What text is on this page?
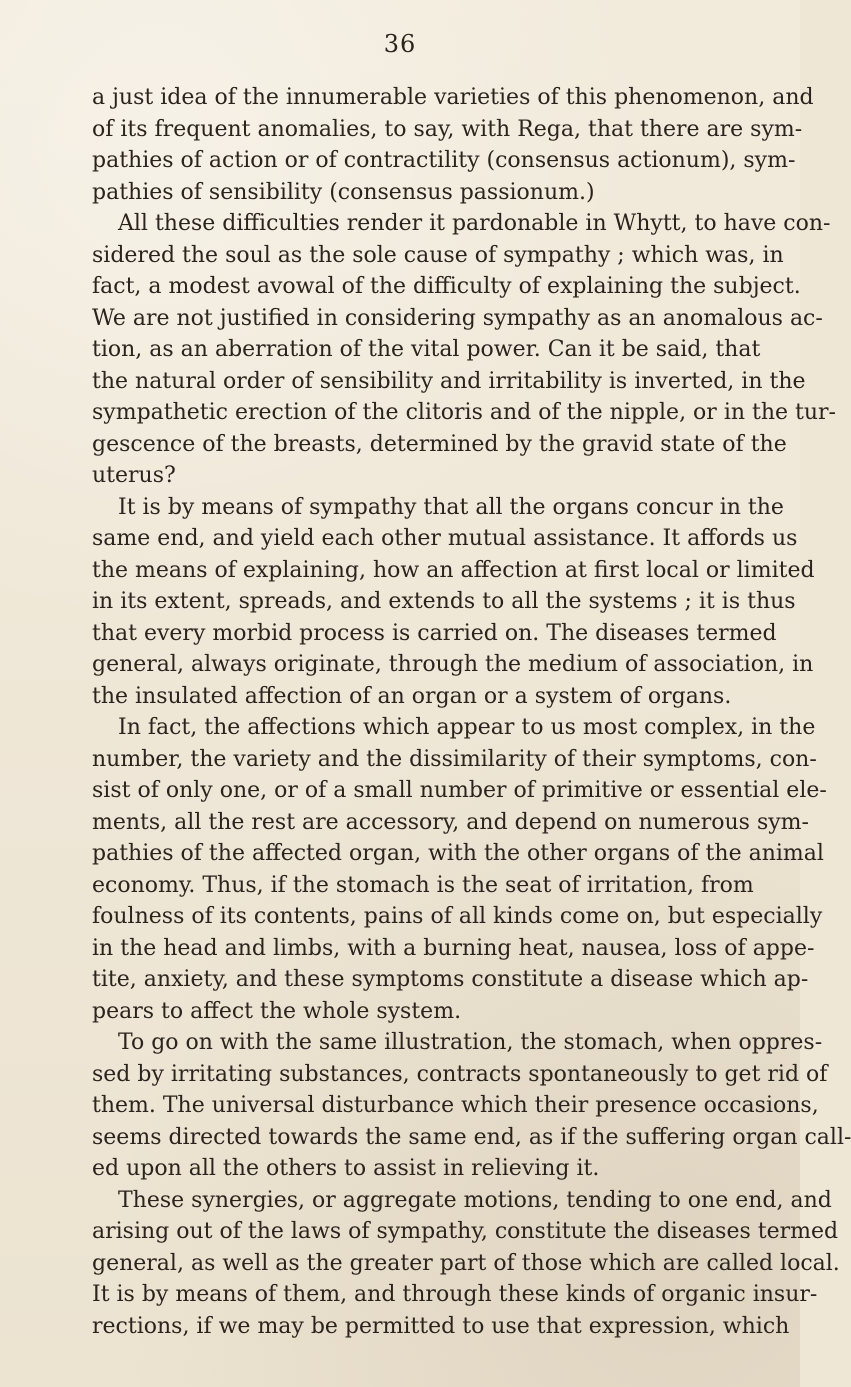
36
a just idea of the innumerable varieties of this phenomenon, and
of its frequent anomalies, to say, with Rega, that there are sym-
pathies of action or of contractility (consensus actionum), sym-
pathies of sensibility (consensus passionum.)
All these difficulties render it pardonable in Whytt, to have con-
sidered the soul as the sole cause of sympathy ; which was, in
fact, a modest avowal of the difficulty of explaining the subject.
We are not justified in considering sympathy as an anomalous ac-
tion, as an aberration of the vital power. Can it be said, that
the natural order of sensibility and irritability is inverted, in the
sympathetic erection of the clitoris and of the nipple, or in the tur-
gescence of the breasts, determined by the gravid state of the
uterus?
It is by means of sympathy that all the organs concur in the
same end, and yield each other mutual assistance. It affords us
the means of explaining, how an affection at first local or limited
in its extent, spreads, and extends to all the systems ; it is thus
that every morbid process is carried on. The diseases termed
general, always originate, through the medium of association, in
the insulated affection of an organ or a system of organs.
In fact, the affections which appear to us most complex, in the
number, the variety and the dissimilarity of their symptoms, con-
sist of only one, or of a small number of primitive or essential ele-
ments, all the rest are accessory, and depend on numerous sym-
pathies of the affected organ, with the other organs of the animal
economy. Thus, if the stomach is the seat of irritation, from
foulness of its contents, pains of all kinds come on, but especially
in the head and limbs, with a burning heat, nausea, loss of appe-
tite, anxiety, and these symptoms constitute a disease which ap-
pears to affect the whole system.
To go on with the same illustration, the stomach, when oppres-
sed by irritating substances, contracts spontaneously to get rid of
them. The universal disturbance which their presence occasions,
seems directed towards the same end, as if the suffering organ call-
ed upon all the others to assist in relieving it.
These synergies, or aggregate motions, tending to one end, and
arising out of the laws of sympathy, constitute the diseases termed
general, as well as the greater part of those which are called local.
It is by means of them, and through these kinds of organic insur-
rections, if we may be permitted to use that expression, which
